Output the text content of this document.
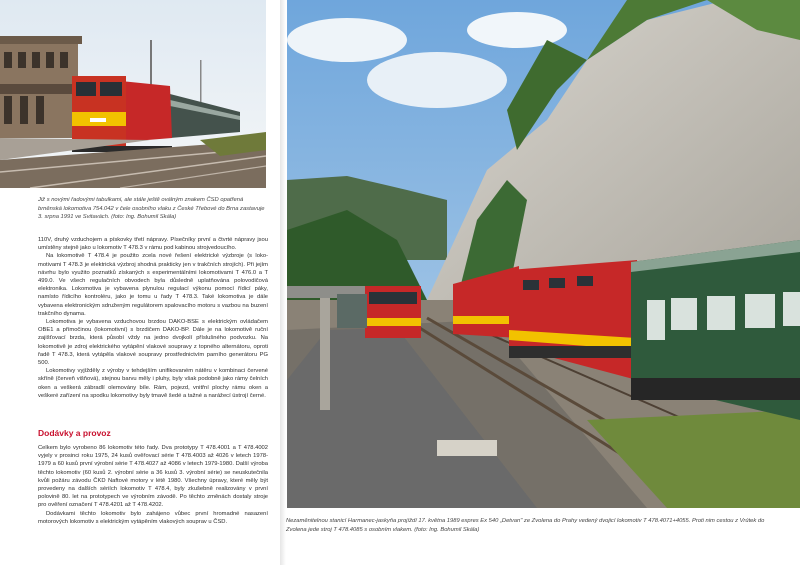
Již s novými řadovými tabulkami, ale stále ještě oválným znakem ČSD opatřená brněnská lokomotiva 754.042 v čele osobního vlaku z České Třebové do Brna zastavuje 3. srpna 1991 ve Svitavách. (foto: Ing. Bohumil Skála)

110V, druhý vzduchojem a pískovky třetí nápravy. Písečníky první a čtvrté nápravy jsou umístěny stejně jako u lokomotiv T 478.3 v rámu pod kabinou strojvedoucího.

Na lokomotivě T 478.4 je použito zcela nové řešení elektrické výzbroje (s lokomotivami T 478.3 je elektrická výzbroj shodná prakticky jen v trakčních strojích). Při jejím návrhu bylo využito poznatků získaných s experimentálními lokomotivami T 476.0 a T 499.0. Ve všech regulačních obvodech byla důsledně uplatňována polovodičová elektronika. Lokomotiva je vybavena plynulou regulací výkonu pomocí řídicí páky, namísto řídicího kontroléru, jako je tomu u řady T 478.3. Také lokomotiva je dále vybavena elektronickým sdruženým regulátorem spalovacího motoru s vazbou na buzení trakčního dynama.

Lokomotiva je vybavena vzduchovou brzdou DAKO-BSE s elektrickým ovládačem OBE1 a přímočinou (lokomotivní) s brzdičem DAKO-BP. Dále je na lokomotivě ruční zajišťovací brzda, která působí vždy na jedno dvojkolí příslušného podvozku. Na lokomotivě je zdroj elektrického vytápění vlakové soupravy z topného alternátoru, oproti řadě T 478.3, která vytápěla vlakové soupravy prostřednictvím parního generátoru PG 500.

Lokomotivy vyjížděly z výroby v tehdejším unifikovaném nátěru v kombinaci červené skříně (červeň višňová), stejnou barvu měly i pluhy, byly však podobně jako rámy čelních oken a veškerá zábradlí olemovány bíle. Rám, pojezd, vnitřní plochy rámu oken a veškeré zařízení na spodku lokomotivy byly tmavě šedé a tažné a narážecí ústrojí černé.

Dodávky a provoz

Celkem bylo vyrobeno 86 lokomotiv této řady. Dva prototypy T 478.4001 a T 478.4002 vyjely v prosinci roku 1975, 24 kusů ověřovací série T 478.4003 až 4026 v letech 1978-1979 a 60 kusů první výrobní série T 478.4027 až 4086 v letech 1979-1980. Další výroba těchto lokomotiv (60 kusů 2. výrobní série a 36 kusů 3. výrobní série) se neuskutečnila kvůli požáru závodu ČKD Naftové motory v létě 1980. Všechny úpravy, které měly být provedeny na dalších sériích lokomotiv T 478.4, byly zkušebně realizovány v první polovině 80. let na prototypech ve výrobním závodě. Po těchto změnách dostaly stroje pro ověření označení T 478.4201 až T 478.4202.

Dodávkami těchto lokomotiv bylo zahájeno vůbec první hromadné nasazení motorových lokomotiv s elektrickým vytápěním vlakových souprav u ČSD.	Nezaměnitelnou stanicí Harmanec-jaskyňa projíždí 17. května 1989 expres Ex 540 „Detvan" ze Zvolena do Prahy vedený dvojicí lokomotiv T 478.4071+4055. Proti nim cestou z Vrútek do Zvolena jede stroj T 478.4085 s osobním vlakem. (foto: Ing. Bohumil Skála)
